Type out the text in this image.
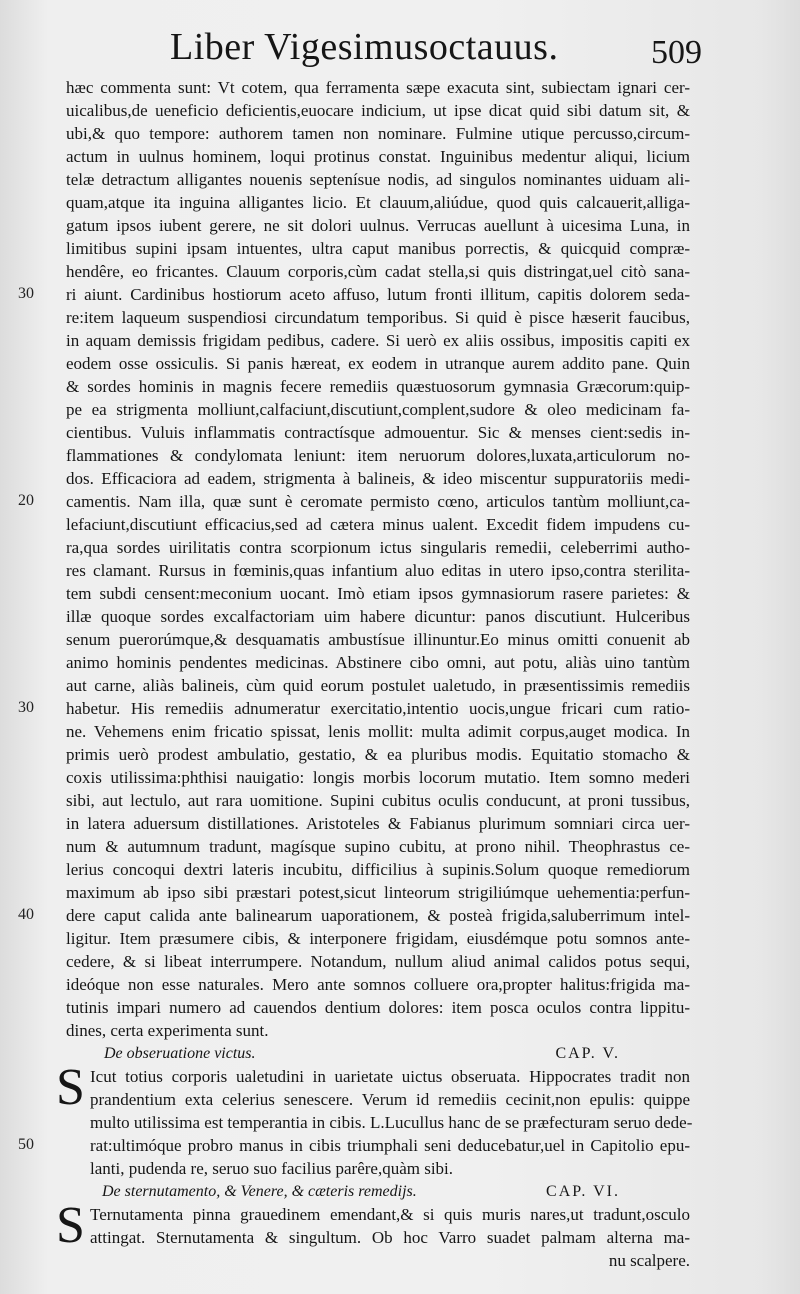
Liber Vigesimusoctauus.	509
30
20
30
40
50
hæc commenta sunt: Vt cotem, qua ferramenta sæpe exacuta sint, subiectam ignari cer-
uicalibus,de ueneficio deficientis,euocare indicium, ut ipse dicat quid sibi datum sit, &
ubi,& quo tempore: authorem tamen non nominare. Fulmine utique percusso,circum-
actum in uulnus hominem, loqui protinus constat. Inguinibus medentur aliqui, licium
telæ detractum alligantes nouenis septenísue nodis, ad singulos nominantes uiduam ali-
quam,atque ita inguina alligantes licio. Et clauum,aliúdue, quod quis calcauerit,alliga-
gatum ipsos iubent gerere, ne sit dolori uulnus. Verrucas auellunt à uicesima Luna, in
limitibus supini ipsam intuentes, ultra caput manibus porrectis, & quicquid compræ-
hendêre, eo fricantes. Clauum corporis,cùm cadat stella,si quis distringat,uel citò sana-
ri aiunt. Cardinibus hostiorum aceto affuso, lutum fronti illitum, capitis dolorem seda-
re:item laqueum suspendiosi circundatum temporibus. Si quid è pisce hæserit faucibus,
in aquam demissis frigidam pedibus, cadere. Si uerò ex aliis ossibus, impositis capiti ex
eodem osse ossiculis. Si panis hæreat, ex eodem in utranque aurem addito pane. Quin
& sordes hominis in magnis fecere remediis quæstuosorum gymnasia Græcorum:quip-
pe ea strigmenta molliunt,calfaciunt,discutiunt,complent,sudore & oleo medicinam fa-
cientibus. Vuluis inflammatis contractísque admouentur. Sic & menses cient:sedis in-
flammationes & condylomata leniunt: item neruorum dolores,luxata,articulorum no-
dos. Efficaciora ad eadem, strigmenta à balineis, & ideo miscentur suppuratoriis medi-
camentis. Nam illa, quæ sunt è ceromate permisto cœno, articulos tantùm molliunt,ca-
lefaciunt,discutiunt efficacius,sed ad cætera minus ualent. Excedit fidem impudens cu-
ra,qua sordes uirilitatis contra scorpionum ictus singularis remedii, celeberrimi autho-
res clamant. Rursus in fœminis,quas infantium aluo editas in utero ipso,contra sterilita-
tem subdi censent:meconium uocant. Imò etiam ipsos gymnasiorum rasere parietes: &
illæ quoque sordes excalfactoriam uim habere dicuntur: panos discutiunt. Hulceribus
senum puerorúmque,& desquamatis ambustísue illinuntur.Eo minus omitti conuenit ab
animo hominis pendentes medicinas. Abstinere cibo omni, aut potu, aliàs uino tantùm
aut carne, aliàs balineis, cùm quid eorum postulet ualetudo, in præsentissimis remediis
habetur. His remediis adnumeratur exercitatio,intentio uocis,ungue fricari cum ratio-
ne. Vehemens enim fricatio spissat, lenis mollit: multa adimit corpus,auget modica. In
primis uerò prodest ambulatio, gestatio, & ea pluribus modis. Equitatio stomacho &
coxis utilissima:phthisi nauigatio: longis morbis locorum mutatio. Item somno mederi
sibi, aut lectulo, aut rara uomitione. Supini cubitus oculis conducunt, at proni tussibus,
in latera aduersum distillationes. Aristoteles & Fabianus plurimum somniari circa uer-
num & autumnum tradunt, magísque supino cubitu, at prono nihil. Theophrastus ce-
lerius concoqui dextri lateris incubitu, difficilius à supinis.Solum quoque remediorum
maximum ab ipso sibi præstari potest,sicut linteorum strigiliúmque uehementia:perfun-
dere caput calida ante balinearum uaporationem, & posteà frigida,saluberrimum intel-
ligitur. Item præsumere cibis, & interponere frigidam, eiusdémque potu somnos ante-
cedere, & si libeat interrumpere. Notandum, nullum aliud animal calidos potus sequi,
ideóque non esse naturales. Mero ante somnos colluere ora,propter halitus:frigida ma-
tutinis impari numero ad cauendos dentium dolores: item posca oculos contra lippitu-
dines, certa experimenta sunt.
De obseruatione victus.	CAP. V.
S Icut totius corporis ualetudini in uarietate uictus obseruata. Hippocrates tradit non
prandentium exta celerius senescere. Verum id remediis cecinit,non epulis: quippe
multo utilissima est temperantia in cibis. L.Lucullus hanc de se præfecturam seruo dede-
rat:ultimóque probro manus in cibis triumphali seni deducebatur,uel in Capitolio epu-
lanti, pudenda re, seruo suo facilius parêre,quàm sibi.
De sternutamento, & Venere, & cæteris remedijs.	CAP. VI.
S Ternutamenta pinna grauedinem emendant,& si quis muris nares,ut tradunt,osculo
attingat. Sternutamenta & singultum. Ob hoc Varro suadet palmam alterna ma-
nu scalpere.
